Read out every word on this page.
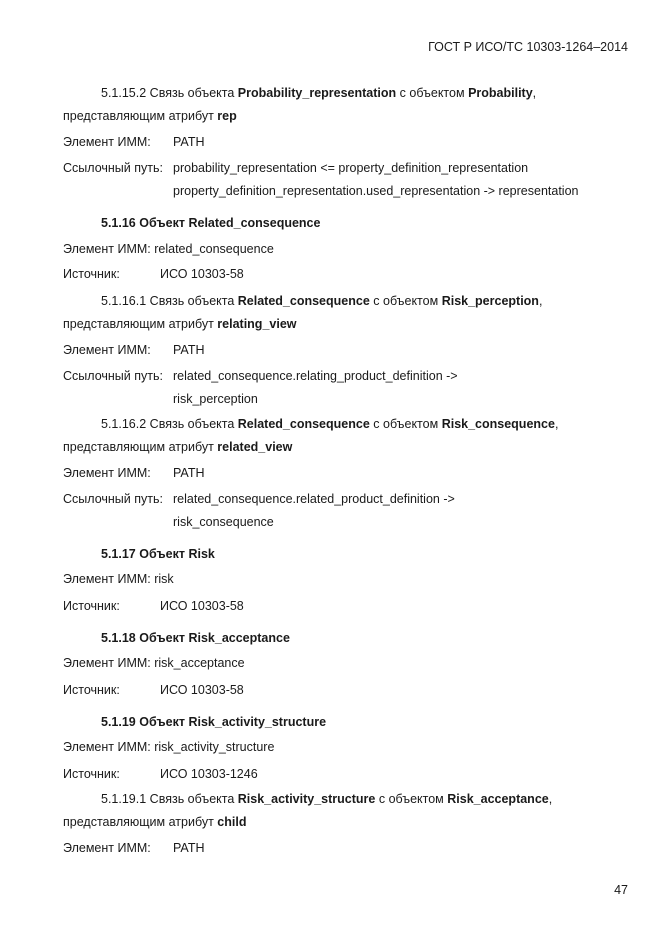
ГОСТ Р ИСО/ТС 10303-1264–2014
5.1.15.2 Связь объекта Probability_representation с объектом Probability,
представляющим атрибут rep
Элемент ИММ: PATH
Ссылочный путь: probability_representation <= property_definition_representation
property_definition_representation.used_representation -> representation
5.1.16 Объект Related_consequence
Элемент ИММ: related_consequence
Источник:	ИСО 10303-58
5.1.16.1 Связь объекта Related_consequence с объектом Risk_perception,
представляющим атрибут relating_view
Элемент ИММ: PATH
Ссылочный путь: related_consequence.relating_product_definition ->
risk_perception
5.1.16.2 Связь объекта Related_consequence с объектом Risk_consequence,
представляющим атрибут related_view
Элемент ИММ: PATH
Ссылочный путь: related_consequence.related_product_definition ->
risk_consequence
5.1.17 Объект Risk
Элемент ИММ: risk
Источник:	ИСО 10303-58
5.1.18 Объект Risk_acceptance
Элемент ИММ: risk_acceptance
Источник:	ИСО 10303-58
5.1.19 Объект Risk_activity_structure
Элемент ИММ: risk_activity_structure
Источник:	ИСО 10303-1246
5.1.19.1 Связь объекта Risk_activity_structure с объектом Risk_acceptance,
представляющим атрибут child
Элемент ИММ: PATH
47
